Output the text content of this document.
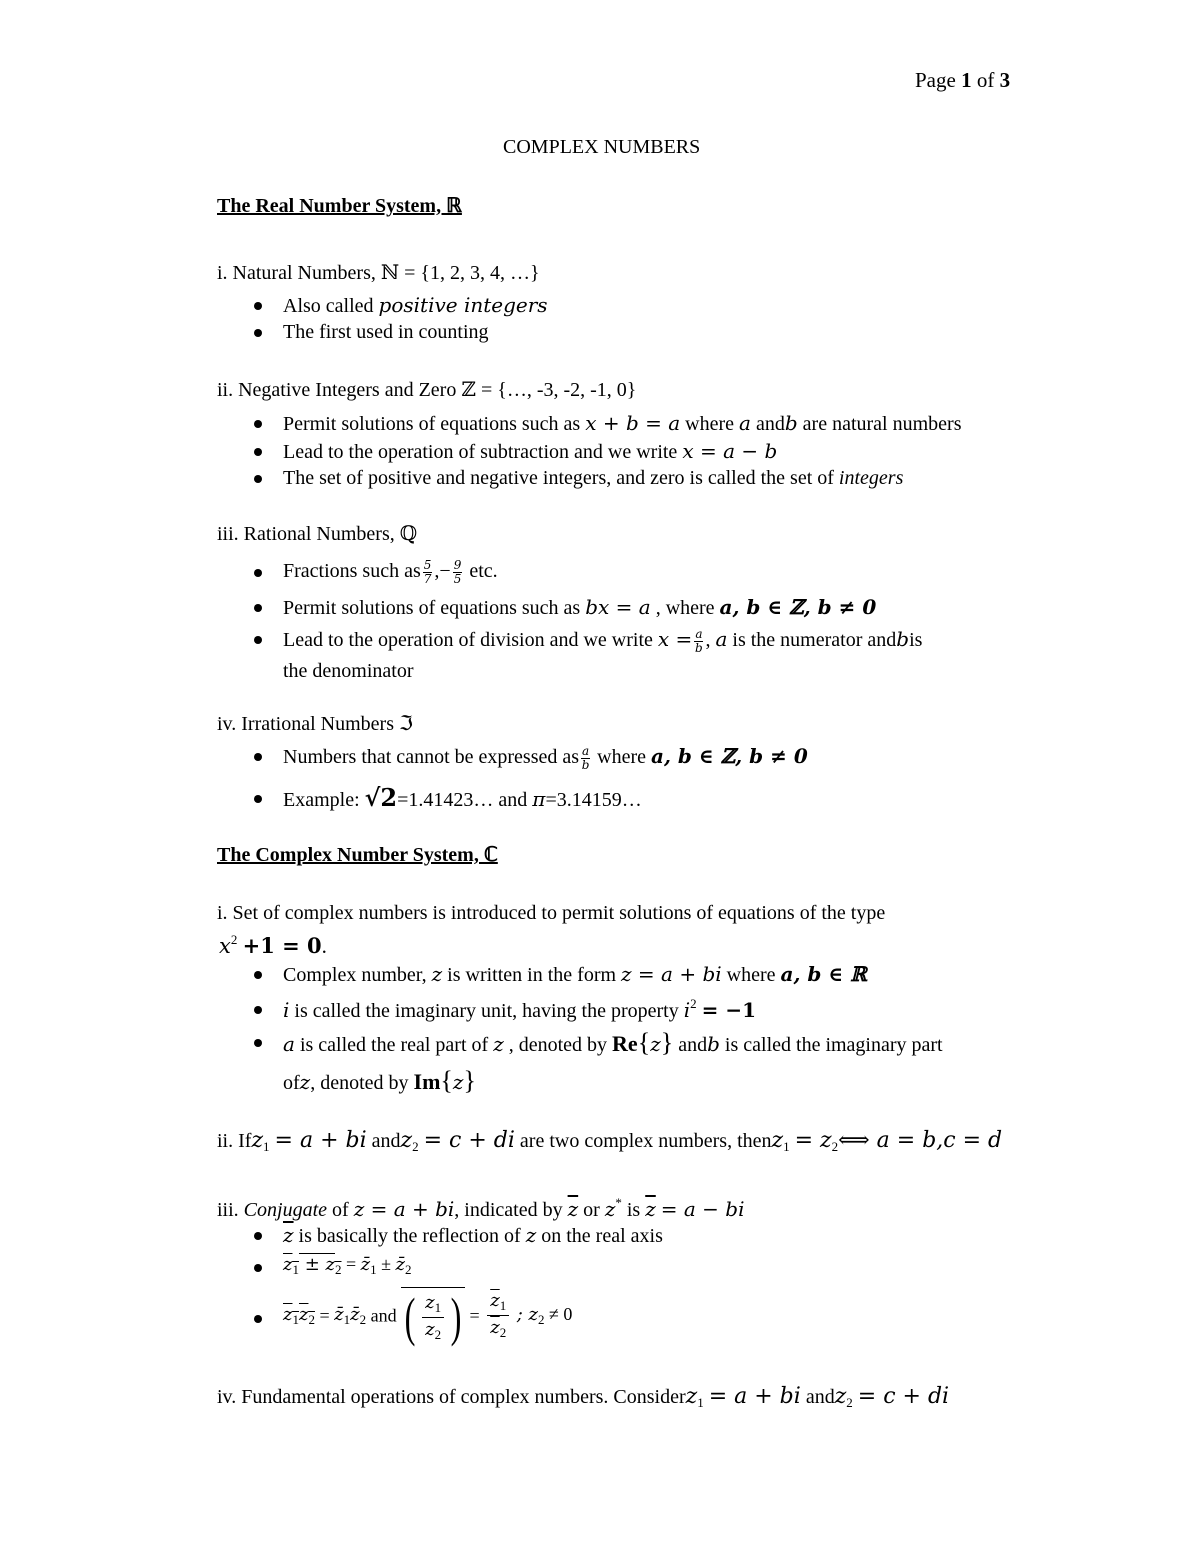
Page 1 of 3
COMPLEX NUMBERS
The Real Number System, ℝ
i. Natural Numbers, ℕ = {1, 2, 3, 4, …}
Also called positive integers
The first used in counting
ii. Negative Integers and Zero ℤ = {…, -3, -2, -1, 0}
Permit solutions of equations such as x + b = a where a andb are natural numbers
Lead to the operation of subtraction and we write x = a − b
The set of positive and negative integers, and zero is called the set of integers
iii. Rational Numbers, ℚ
Fractions such as $\frac{5}{7}$ ,− $\frac{9}{5}$ etc.
Permit solutions of equations such as bx = a , where a, b ∈ ℤ, b ≠ 0
Lead to the operation of division and we write $x = \frac{a}{b}$ , a is the numerator andbis
the denominator
iv. Irrational Numbers ℑ
Numbers that cannot be expressed as $\frac{a}{b}$ where a, b ∈ ℤ, b ≠ 0
Example: √2=1.41423… and π=3.14159…
The Complex Number System, ℂ
i. Set of complex numbers is introduced to permit solutions of equations of the type
$x^2 +1 = 0$.
Complex number, z is written in the form z = a + bi where a, b ∈ ℝ
i is called the imaginary unit, having the property $i^2 = -1$
a is called the real part of z , denoted by Re{z} andb is called the imaginary part
ofz, denoted by Im{z}
ii. Ifz$_1$ = a + bi andz$_2$ = c + di are two complex numbers, thenz$_1$ = $z_2⟺$ a = b,c = d
iii. Conjugate of z = a + bi, indicated by $\overline{z}$ or z* is $\overline{z} = a$ − bi
$\overline{z}$ is basically the reflection of z on the real axis
$z_1 \pm z_2$ = $z̄_1$ ± $z̄_2$
$z_1z_2$ = $z̄_1z̄_2$ and ( $\frac{z_1}{z_2}$ ) = $\frac{\overline{z}_1}{\overline{z}_2}$ ; $z_2 \ne 0$
iv. Fundamental operations of complex numbers. Considerz$_1$ = a + bi andz$_2$ = c + di
